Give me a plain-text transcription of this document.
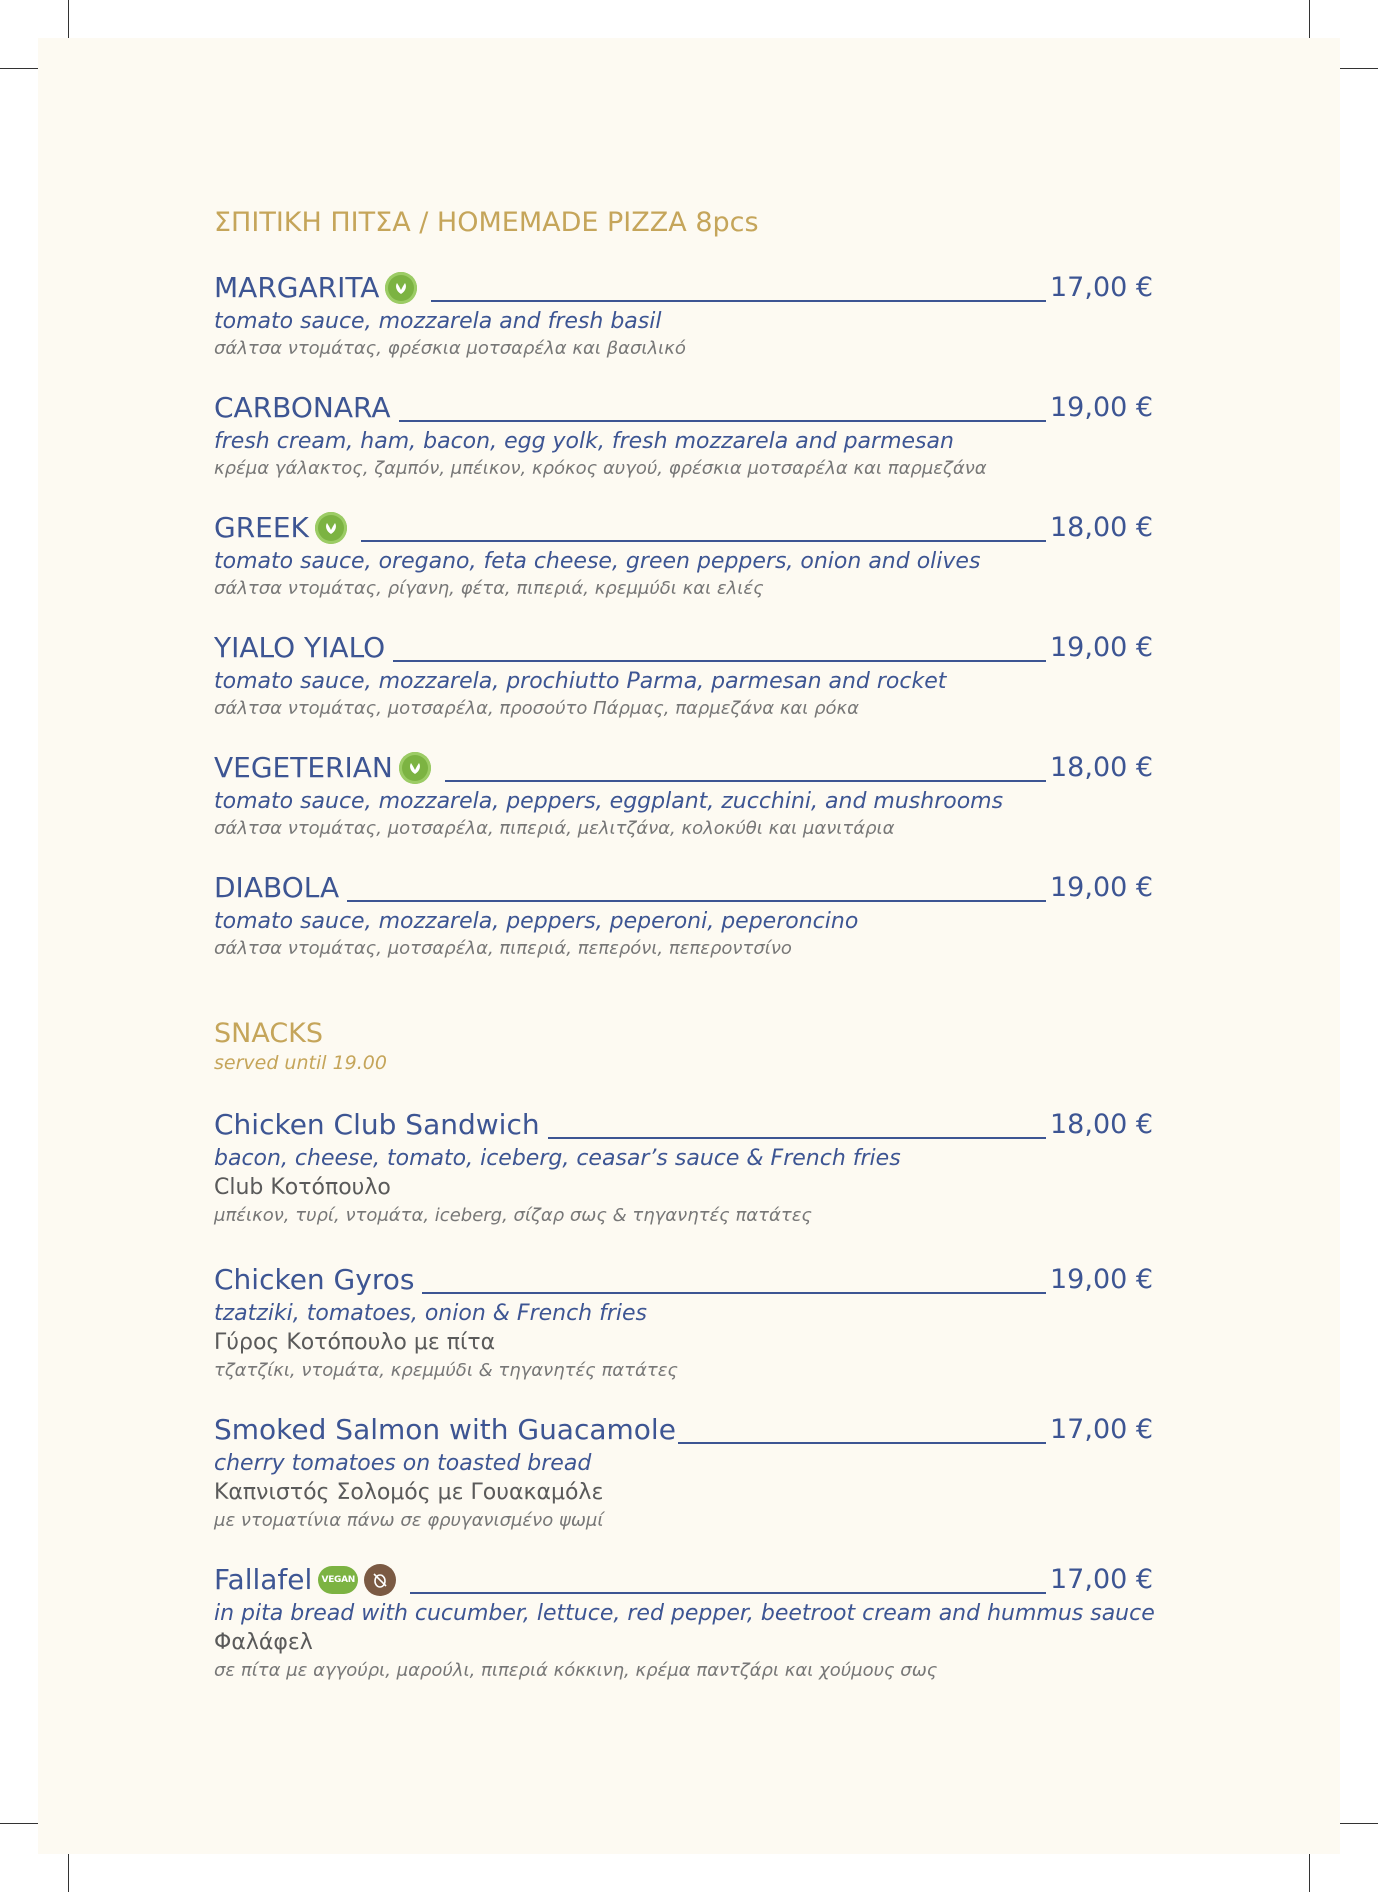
ΣΠΙΤΙΚΗ ΠΙΤΣΑ / HOMEMADE PIZZA 8pcs
MARGARITA	17,00 €
tomato sauce, mozzarela and fresh basil
σάλτσα ντομάτας, φρέσκια μοτσαρέλα και βασιλικό
CARBONARA	19,00 €
fresh cream, ham, bacon, egg yolk, fresh mozzarela and parmesan
κρέμα γάλακτος, ζαμπόν, μπέικον, κρόκος αυγού, φρέσκια μοτσαρέλα και παρμεζάνα
GREEK	18,00 €
tomato sauce, oregano, feta cheese, green peppers, onion and olives
σάλτσα ντομάτας, ρίγανη, φέτα, πιπεριά, κρεμμύδι και ελιές
YIALO YIALO	19,00 €
tomato sauce, mozzarela, prochiutto Parma, parmesan and rocket
σάλτσα ντομάτας, μοτσαρέλα, προσούτο Πάρμας, παρμεζάνα και ρόκα
VEGETERIAN	18,00 €
tomato sauce, mozzarela, peppers, eggplant, zucchini, and mushrooms
σάλτσα ντομάτας, μοτσαρέλα, πιπεριά, μελιτζάνα, κολοκύθι και μανιτάρια
DIABOLA	19,00 €
tomato sauce, mozzarela, peppers, peperoni, peperoncino
σάλτσα ντομάτας, μοτσαρέλα, πιπεριά, πεπερόνι, πεπεροντσίνο
SNACKS
served until 19.00
Chicken Club Sandwich	18,00 €
bacon, cheese, tomato, iceberg, ceasar’s sauce & French fries
Club Κοτόπουλο
μπέικον, τυρί, ντομάτα, iceberg, σίζαρ σως & τηγανητές πατάτες
Chicken Gyros	19,00 €
tzatziki, tomatoes, onion & French fries
Γύρος Κοτόπουλο με πίτα
τζατζίκι, ντομάτα, κρεμμύδι & τηγανητές πατάτες
Smoked Salmon with Guacamole	17,00 €
cherry tomatoes on toasted bread
Καπνιστός Σολομός με Γουακαμόλε
με ντοματίνια πάνω σε φρυγανισμένο ψωμί
Fallafel	VEGAN	17,00 €
in pita bread with cucumber, lettuce, red pepper, beetroot cream and hummus sauce
Φαλάφελ
σε πίτα με αγγούρι, μαρούλι, πιπεριά κόκκινη, κρέμα παντζάρι και χούμους σως
